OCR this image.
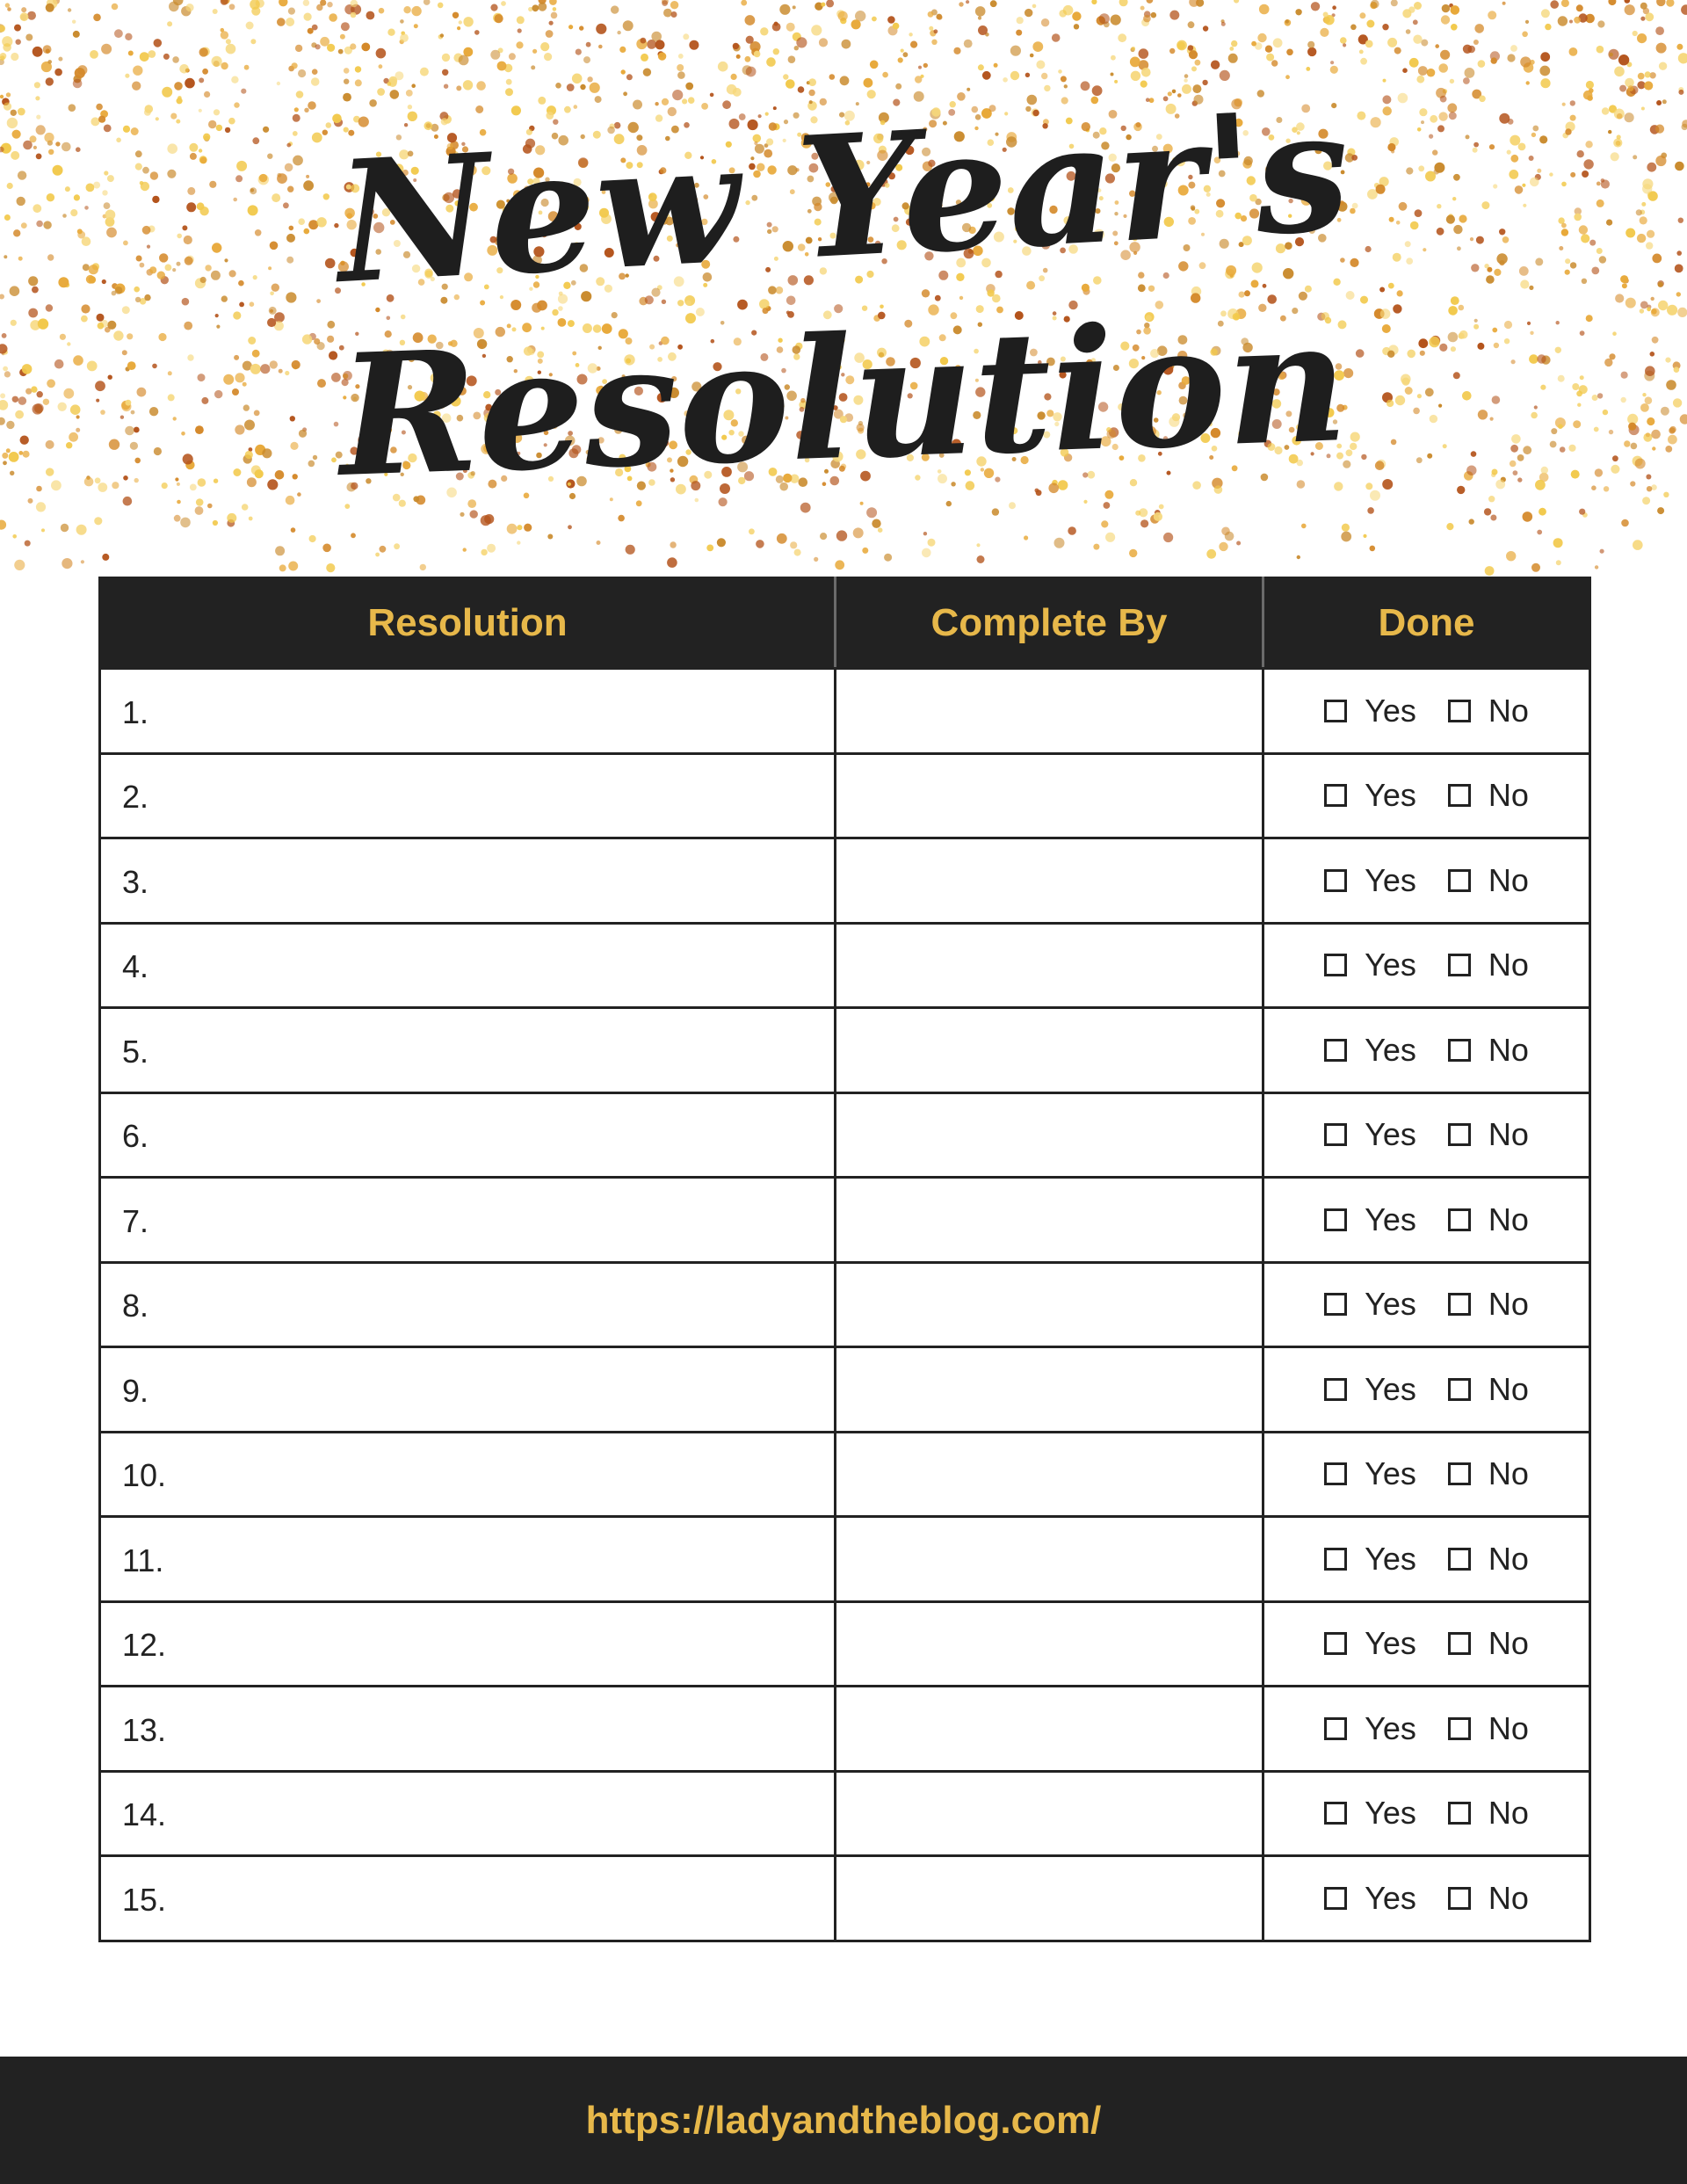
New Year's
Resolution
Resolution	Complete By	Done
1.		Yes No

2.		Yes No

3.		Yes No

4.		Yes No

5.		Yes No

6.		Yes No

7.		Yes No

8.		Yes No

9.		Yes No

10.		Yes No

11.		Yes No

12.		Yes No

13.		Yes No

14.		Yes No

15.		Yes No
https://ladyandtheblog.com/
